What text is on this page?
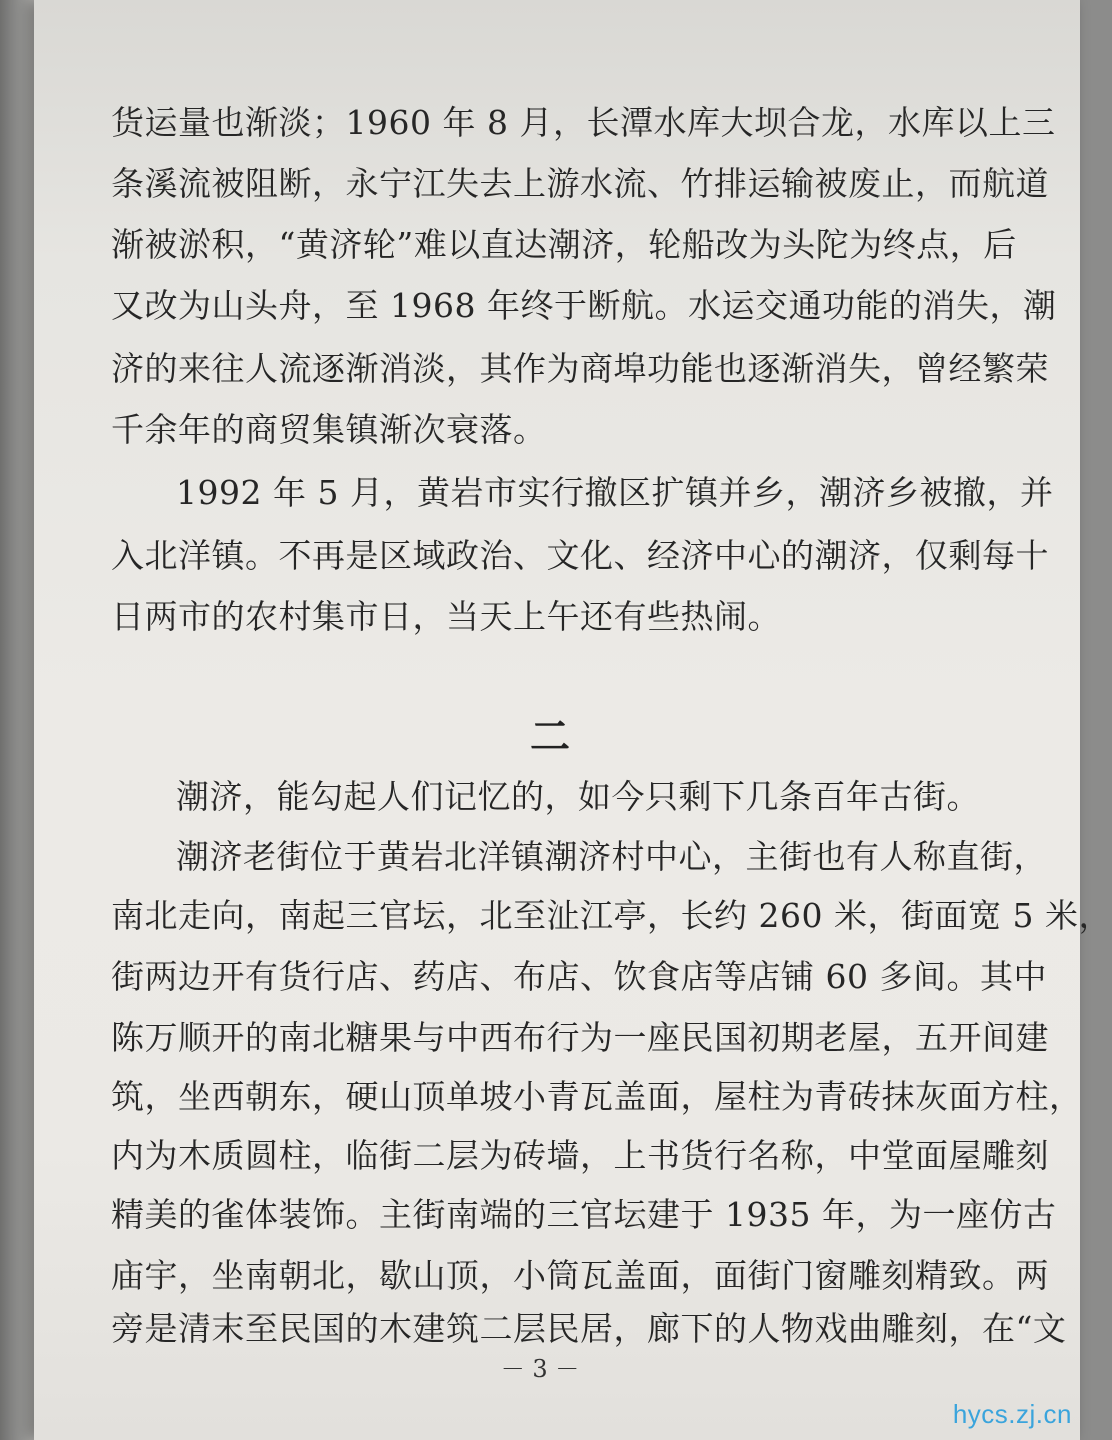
货运量也渐淡；1960 年 8 月，长潭水库大坝合龙，水库以上三
条溪流被阻断，永宁江失去上游水流、竹排运输被废止，而航道
渐被淤积，“黄济轮”难以直达潮济，轮船改为头陀为终点，后
又改为山头舟，至 1968 年终于断航。水运交通功能的消失，潮
济的来往人流逐渐消淡，其作为商埠功能也逐渐消失，曾经繁荣
千余年的商贸集镇渐次衰落。
1992 年 5 月，黄岩市实行撤区扩镇并乡，潮济乡被撤，并
入北洋镇。不再是区域政治、文化、经济中心的潮济，仅剩每十
日两市的农村集市日，当天上午还有些热闹。
二
潮济，能勾起人们记忆的，如今只剩下几条百年古街。
潮济老街位于黄岩北洋镇潮济村中心，主街也有人称直街，
南北走向，南起三官坛，北至沚江亭，长约 260 米，街面宽 5 米，
街两边开有货行店、药店、布店、饮食店等店铺 60 多间。其中
陈万顺开的南北糖果与中西布行为一座民国初期老屋，五开间建
筑，坐西朝东，硬山顶单坡小青瓦盖面，屋柱为青砖抹灰面方柱，
内为木质圆柱，临街二层为砖墙，上书货行名称，中堂面屋雕刻
精美的雀体装饰。主街南端的三官坛建于 1935 年，为一座仿古
庙宇，坐南朝北，歇山顶，小筒瓦盖面，面街门窗雕刻精致。两
旁是清末至民国的木建筑二层民居，廊下的人物戏曲雕刻，在“文
－ 3 －
hycs.zj.cn
